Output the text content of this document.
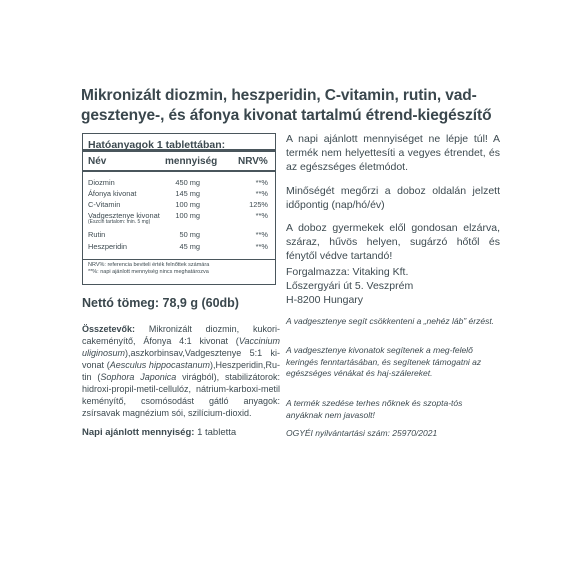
Mikronizált diozmin, heszperidin, C-vitamin, rutin, vad-
gesztenye-, és áfonya kivonat tartalmú étrend-kiegészítő
Hatóanyagok 1 tablettában:
Név	mennyiség NRV%
Diozmin	450 mg	**%
Áfonya kivonat	145 mg	**%
C-Vitamin	100 mg	125%
Vadgesztenye kivonat
(Eszcin tartalom: min. 5 mg)
100 mg	**%
Rutin	50 mg	**%
Heszperidin	45 mg	**%
NRV%: referencia beviteli érték felnőttek számára
**%: napi ajánlott mennyiség nincs meghatározva
Nettó tömeg: 78,9 g (60db)
Összetevők: Mikronizált diozmin, kukori-cakeményítő, Áfonya 4:1 kivonat (Vaccinium uliginosum),aszkorbinsav,Vadgesztenye 5:1 ki-vonat (Aesculus hippocastanum),Heszperidin,Ru-tin (Sophora Japonica virágból), stabilizátorok: hidroxi-propil-metil-cellulóz, nátrium-karboxi-metil keményítő, csomósodást gátló anyagok: zsírsavak magnézium sói, szilícium-dioxid.
Napi ajánlott mennyiség: 1 tabletta
A napi ajánlott mennyiséget ne lépje túl! A termék nem helyettesíti a vegyes étrendet, és az egészséges életmódot.
Minőségét megőrzi a doboz oldalán jelzett időpontig (nap/hó/év)
A doboz gyermekek elől gondosan elzárva, száraz, hűvös helyen, sugárzó hőtől és fénytől védve tartandó!
Forgalmazza: Vitaking Kft.
Lőszergyári út 5. Veszprém
H-8200 Hungary
A vadgesztenye segít csökkenteni a „nehéz láb” érzést.
A vadgesztenye kivonatok segítenek a meg-felelő keringés fenntartásában, és segítenek támogatni az egészséges vénákat és haj-szálereket.
A termék szedése terhes nőknek és szopta-tós anyáknak nem javasolt!
OGYÉI nyilvántartási szám: 25970/2021
